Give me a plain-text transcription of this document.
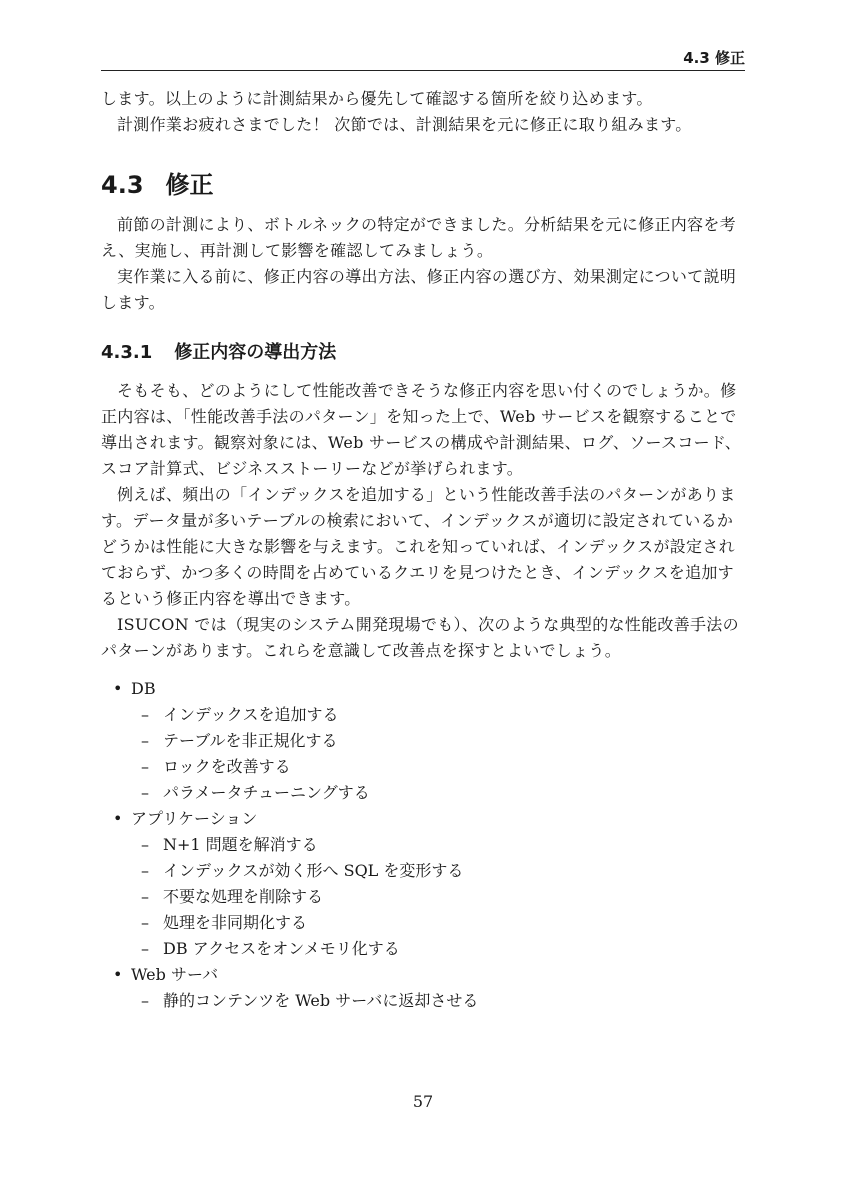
4.3 修正

します。以上のように計測結果から優先して確認する箇所を絞り込めます。

計測作業お疲れさまでした！ 次節では、計測結果を元に修正に取り組みます。

4.3 修正

前節の計測により、ボトルネックの特定ができました。分析結果を元に修正内容を考え、実施し、再計測して影響を確認してみましょう。

実作業に入る前に、修正内容の導出方法、修正内容の選び方、効果測定について説明します。

4.3.1 修正内容の導出方法

そもそも、どのようにして性能改善できそうな修正内容を思い付くのでしょうか。修正内容は、「性能改善手法のパターン」を知った上で、Web サービスを観察することで導出されます。観察対象には、Web サービスの構成や計測結果、ログ、ソースコード、スコア計算式、ビジネスストーリーなどが挙げられます。

例えば、頻出の「インデックスを追加する」という性能改善手法のパターンがあります。データ量が多いテーブルの検索において、インデックスが適切に設定されているかどうかは性能に大きな影響を与えます。これを知っていれば、インデックスが設定されておらず、かつ多くの時間を占めているクエリを見つけたとき、インデックスを追加するという修正内容を導出できます。

ISUCON では（現実のシステム開発現場でも）、次のような典型的な性能改善手法のパターンがあります。これらを意識して改善点を探すとよいでしょう。

• DB
– インデックスを追加する
– テーブルを非正規化する
– ロックを改善する
– パラメータチューニングする
• アプリケーション
– N+1 問題を解消する
– インデックスが効く形へ SQL を変形する
– 不要な処理を削除する
– 処理を非同期化する
– DB アクセスをオンメモリ化する
• Web サーバ
– 静的コンテンツを Web サーバに返却させる
57
